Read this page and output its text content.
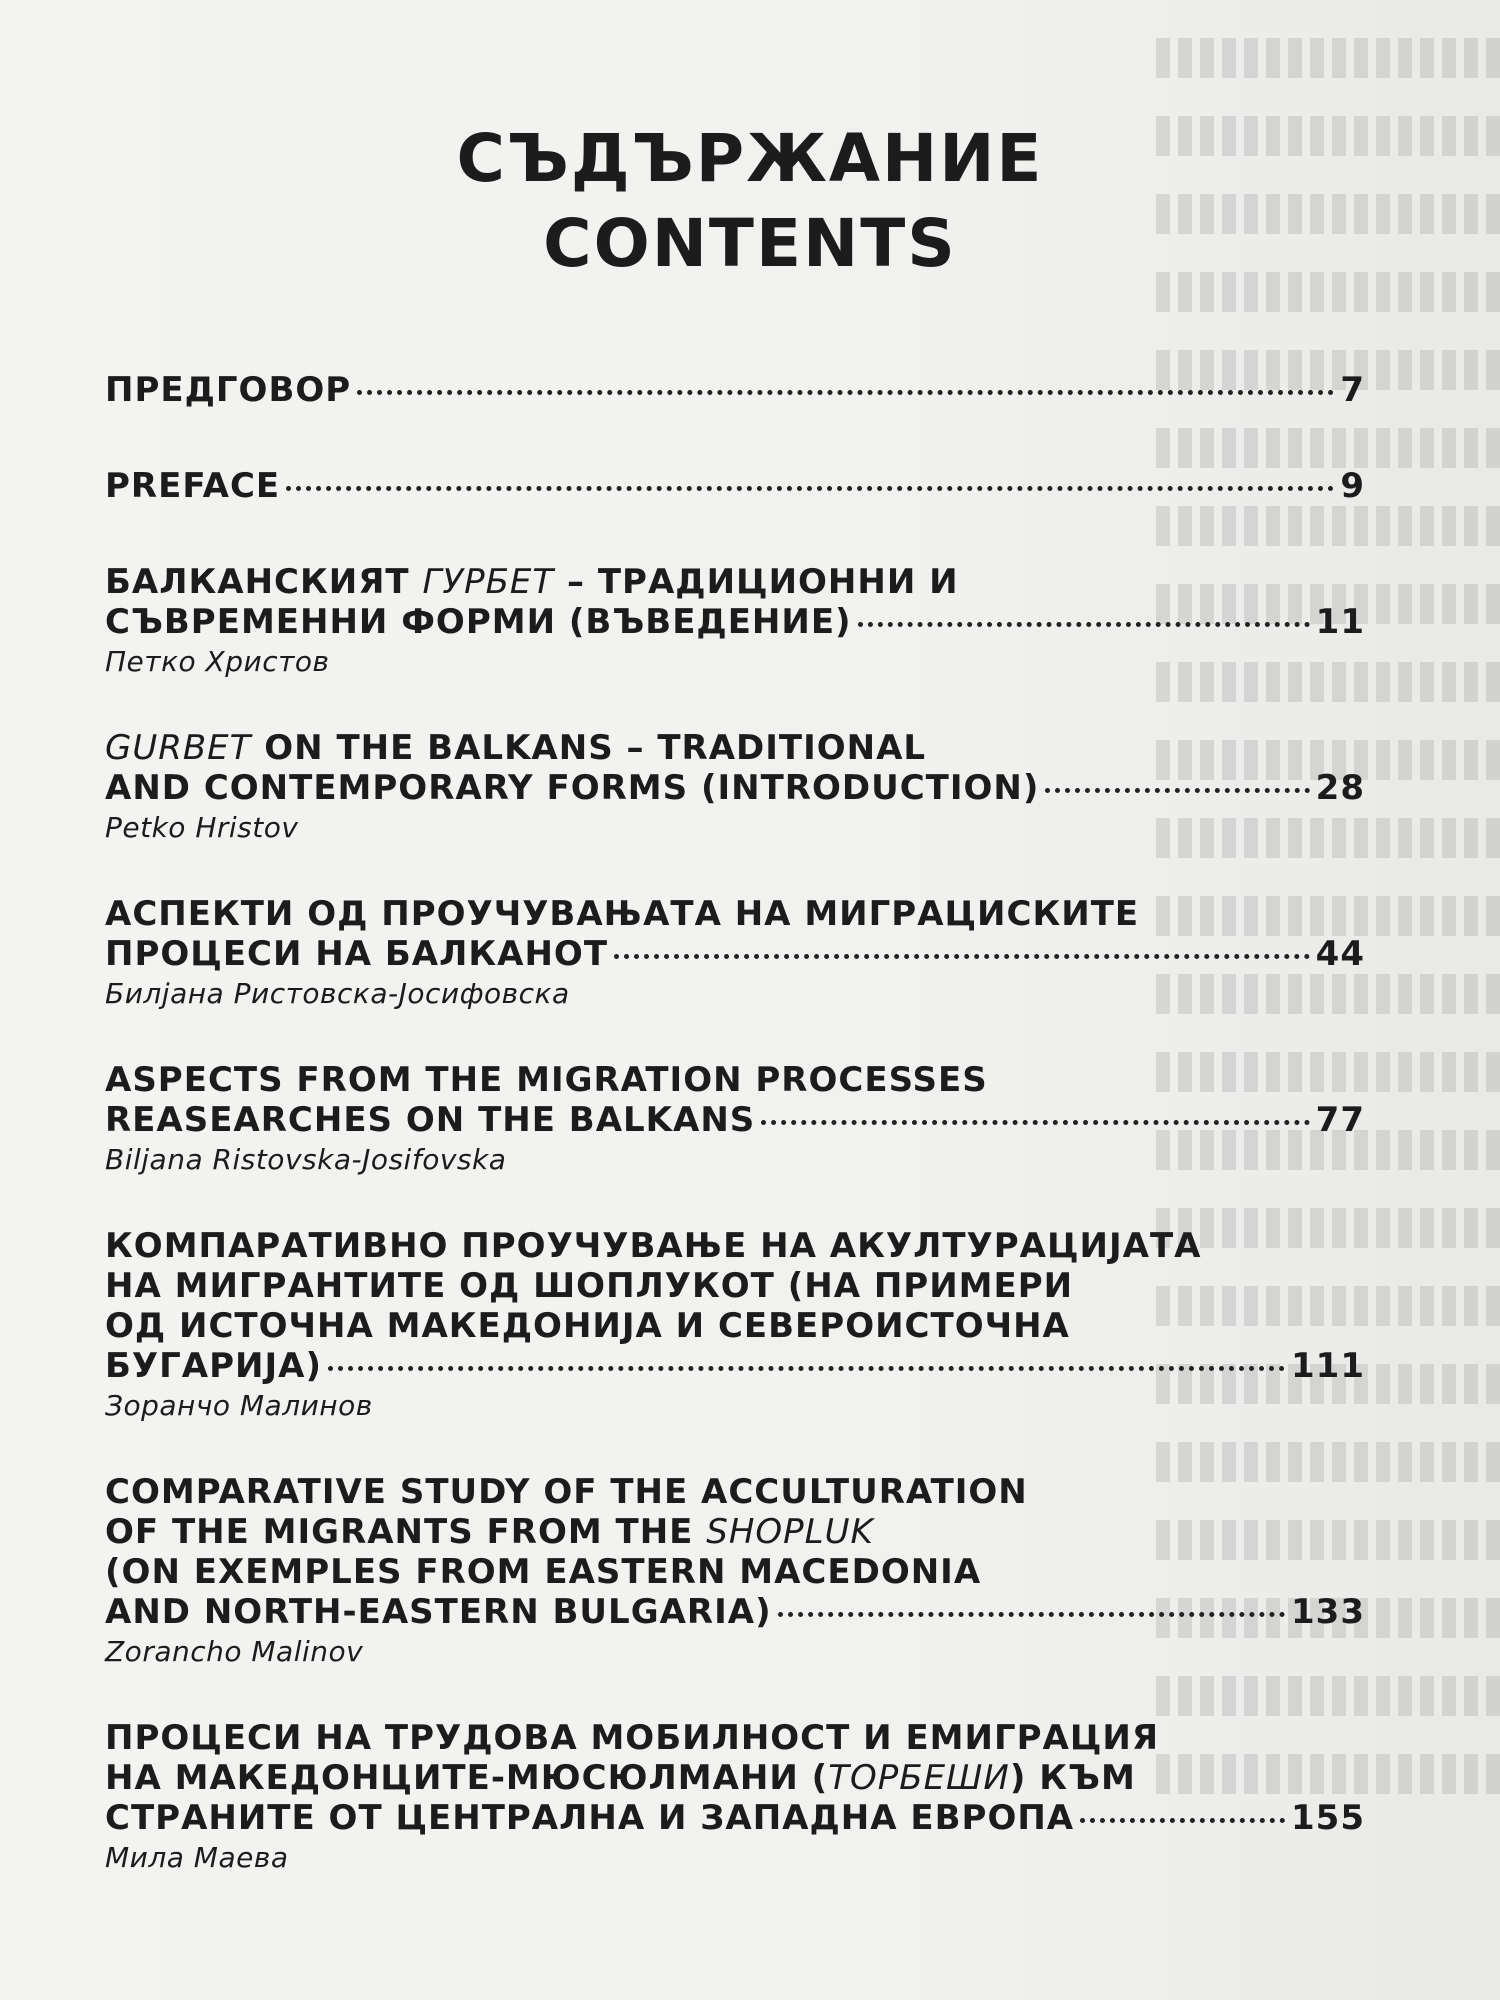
СЪДЪРЖАНИЕ
CONTENTS
ПРЕДГОВОР	7
PREFACE	9
БАЛКАНСКИЯТ ГУРБЕТ – ТРАДИЦИОННИ И
СЪВРЕМЕННИ ФОРМИ (ВЪВЕДЕНИЕ)	11
Петко Христов
GURBET ON THE BALKANS – TRADITIONAL
AND CONTEMPORARY FORMS (INTRODUCTION)	28
Petko Hristov
АСПЕКТИ ОД ПРОУЧУВАЊАТА НА МИГРАЦИСКИТЕ
ПРОЦЕСИ НА БАЛКАНОТ	44
Билјана Ристовска-Јосифовска
ASPECTS FROM THE MIGRATION PROCESSES
REASEARCHES ON THE BALKANS	77
Biljana Ristovska-Josifovska
КОМПАРАТИВНО ПРОУЧУВАЊЕ НА АКУЛТУРАЦИЈАТА
НА МИГРАНТИТЕ ОД ШОПЛУКОТ (НА ПРИМЕРИ
ОД ИСТОЧНА МАКЕДОНИЈА И СЕВЕРОИСТОЧНА
БУГАРИЈА)	111
Зоранчо Малинов
COMPARATIVE STUDY OF THE ACCULTURATION
OF THE MIGRANTS FROM THE SHOPLUK
(ON EXEMPLES FROM EASTERN MACEDONIA
AND NORTH-EASTERN BULGARIA)	133
Zorancho Malinov
ПРОЦЕСИ НА ТРУДОВА МОБИЛНОСТ И ЕМИГРАЦИЯ
НА МАКЕДОНЦИТЕ-МЮСЮЛМАНИ (ТОРБЕШИ) КЪМ
СТРАНИТЕ ОТ ЦЕНТРАЛНА И ЗАПАДНА ЕВРОПА	155
Мила Маева
